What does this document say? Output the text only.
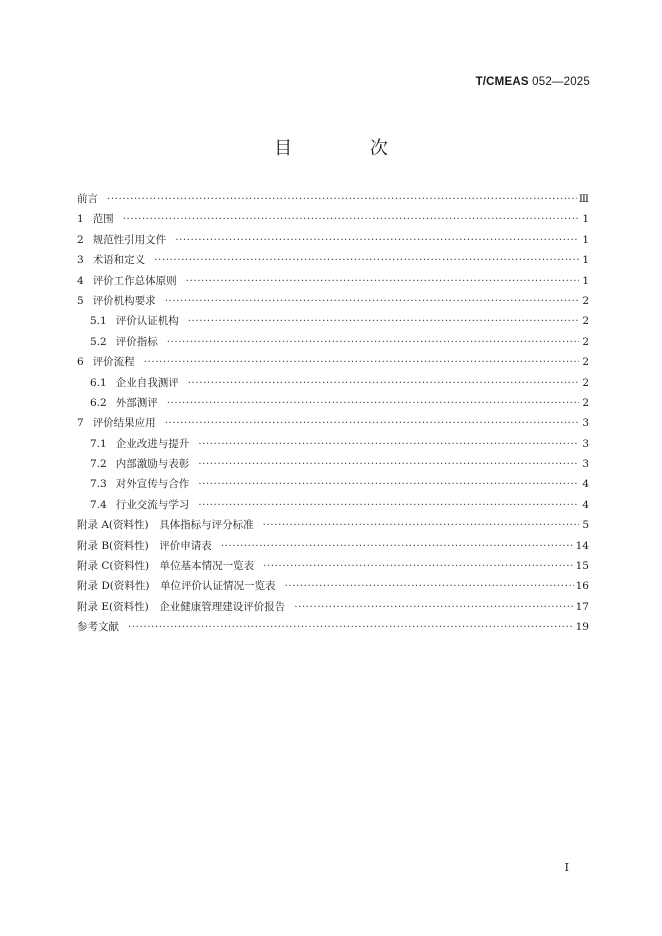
T/CMEAS 052—2025
目 次
前言 ·····	Ⅲ
1 范围 ·····	1
2 规范性引用文件 ·····	1
3 术语和定义 ·····	1
4 评价工作总体原则 ·····	1
5 评价机构要求 ·····	2
5.1 评价认证机构 ·····	2
5.2 评价指标 ·····	2
6 评价流程 ·····	2
6.1 企业自我测评 ·····	2
6.2 外部测评 ·····	2
7 评价结果应用 ·····	3
7.1 企业改进与提升 ·····	3
7.2 内部激励与表彰 ·····	3
7.3 对外宣传与合作 ·····	4
7.4 行业交流与学习 ·····	4
附录 A(资料性)　具体指标与评分标准 ·····	5
附录 B(资料性)　评价申请表 ·····	14
附录 C(资料性)　单位基本情况一览表 ·····	15
附录 D(资料性)　单位评价认证情况一览表 ·····	16
附录 E(资料性)　企业健康管理建设评价报告 ·····	17
参考文献 ·····	19
I
